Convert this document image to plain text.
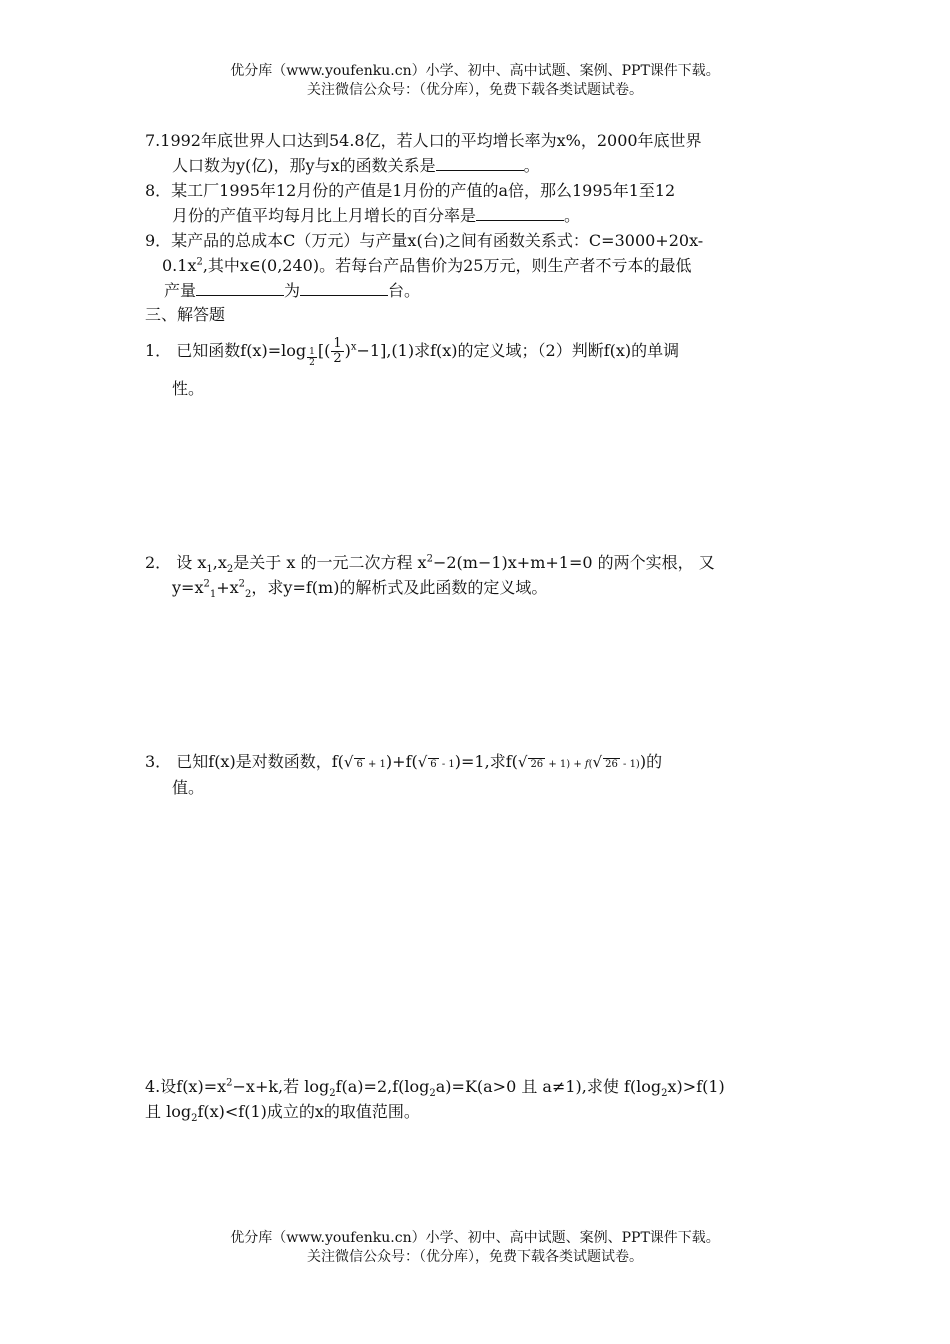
优分库（www.youfenku.cn）小学、初中、高中试题、案例、PPT课件下载。
关注微信公众号：（优分库），免费下载各类试题试卷。
7.1992年底世界人口达到54.8亿，若人口的平均增长率为x%，2000年底世界
人口数为y(亿)，那y与x的函数关系是	。
8．某工厂1995年12月份的产值是1月份的产值的a倍，那么1995年1至12
月份的产值平均每月比上月增长的百分率是	。
9．某产品的总成本C（万元）与产量x(台)之间有函数关系式：C=3000+20x-
$0.1x^2$,其中x∈(0,240)。若每台产品售价为25万元，则生产者不亏本的最低
产量	为	台。
三、解答题
1． 已知函数$f(x)=\log \frac{1}{2}$ [( $\frac{1}{2} )^x-1],(1)$求f(x)的定义域；（2）判断f(x)的单调
性。
2． 设 $x_1,x_2$是关于 x 的一元二次方程 $x^2-2(m-1)x+m+1=0$ 的两个实根， 又
$y=x^2_1+x^2_2$，求y=f(m)的解析式及此函数的定义域。
3． 已知f(x)是对数函数，f(√ 6 + 1)+f(√ 6 - 1)=1,求f(√ 26 + 1) + f(√ 26 - 1))的
值。
4.设$f(x)=x^2-x+k$,若 $\log_2f(a)=2,f(\log_2a)=K(a>0$ 且 a≠1),求使 $f(\log_2x)>f(1)$
且 $\log_2f(x)<f(1)$成立的x的取值范围。
优分库（www.youfenku.cn）小学、初中、高中试题、案例、PPT课件下载。
关注微信公众号：（优分库），免费下载各类试题试卷。
